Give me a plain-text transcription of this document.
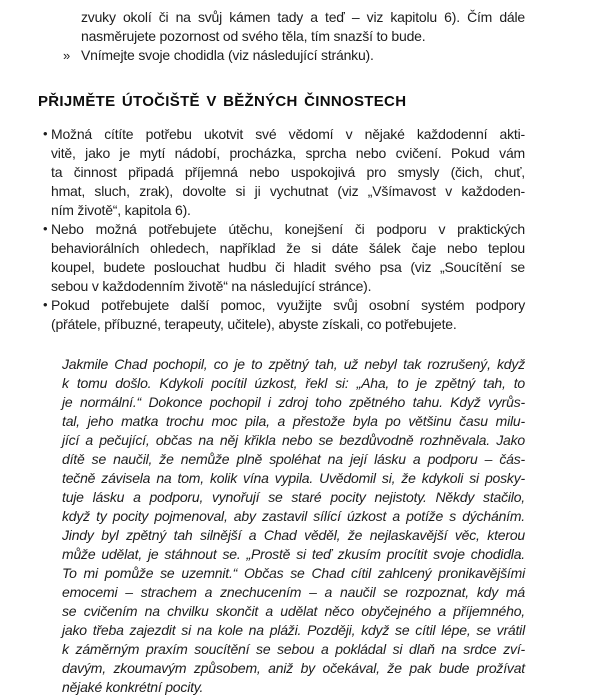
zvuky okolí či na svůj kámen tady a teď – viz kapitolu 6). Čím dále
nasměrujete pozornost od svého těla, tím snazší to bude.
» Vnímejte svoje chodidla (viz následující stránku).
PŘIJMĚTE ÚTOČIŠTĚ V BĚŽNÝCH ČINNOSTECH
• Možná cítíte potřebu ukotvit své vědomí v nějaké každodenní akti-
vitě, jako je mytí nádobí, procházka, sprcha nebo cvičení. Pokud vám
ta činnost připadá příjemná nebo uspokojivá pro smysly (čich, chuť,
hmat, sluch, zrak), dovolte si ji vychutnat (viz „Všímavost v každoden-
ním životě“, kapitola 6).
• Nebo možná potřebujete útěchu, konejšení či podporu v praktických
behaviorálních ohledech, například že si dáte šálek čaje nebo teplou
koupel, budete poslouchat hudbu či hladit svého psa (viz „Soucítění se
sebou v každodenním životě“ na následující stránce).
• Pokud potřebujete další pomoc, využijte svůj osobní systém podpory
(přátele, příbuzné, terapeuty, učitele), abyste získali, co potřebujete.
Jakmile Chad pochopil, co je to zpětný tah, už nebyl tak rozrušený, když
k tomu došlo. Kdykoli pocítil úzkost, řekl si: „Aha, to je zpětný tah, to
je normální.“ Dokonce pochopil i zdroj toho zpětného tahu. Když vyrůs-
tal, jeho matka trochu moc pila, a přestože byla po většinu času milu-
jící a pečující, občas na něj křikla nebo se bezdůvodně rozhněvala. Jako
dítě se naučil, že nemůže plně spoléhat na její lásku a podporu – čás-
tečně závisela na tom, kolik vína vypila. Uvědomil si, že kdykoli si posky-
tuje lásku a podporu, vynořují se staré pocity nejistoty. Někdy stačilo,
když ty pocity pojmenoval, aby zastavil sílící úzkost a potíže s dýcháním.
Jindy byl zpětný tah silnější a Chad věděl, že nejlaskavější věc, kterou
může udělat, je stáhnout se. „Prostě si teď zkusím procítit svoje chodidla.
To mi pomůže se uzemnit.“ Občas se Chad cítil zahlcený pronikavějšími
emocemi – strachem a znechucením – a naučil se rozpoznat, kdy má
se cvičením na chvilku skončit a udělat něco obyčejného a příjemného,
jako třeba zajezdit si na kole na pláži. Později, když se cítil lépe, se vrátil
k záměrným praxím soucítění se sebou a pokládal si dlaň na srdce zví-
davým, zkoumavým způsobem, aniž by očekával, že pak bude prožívat
nějaké konkrétní pocity.
